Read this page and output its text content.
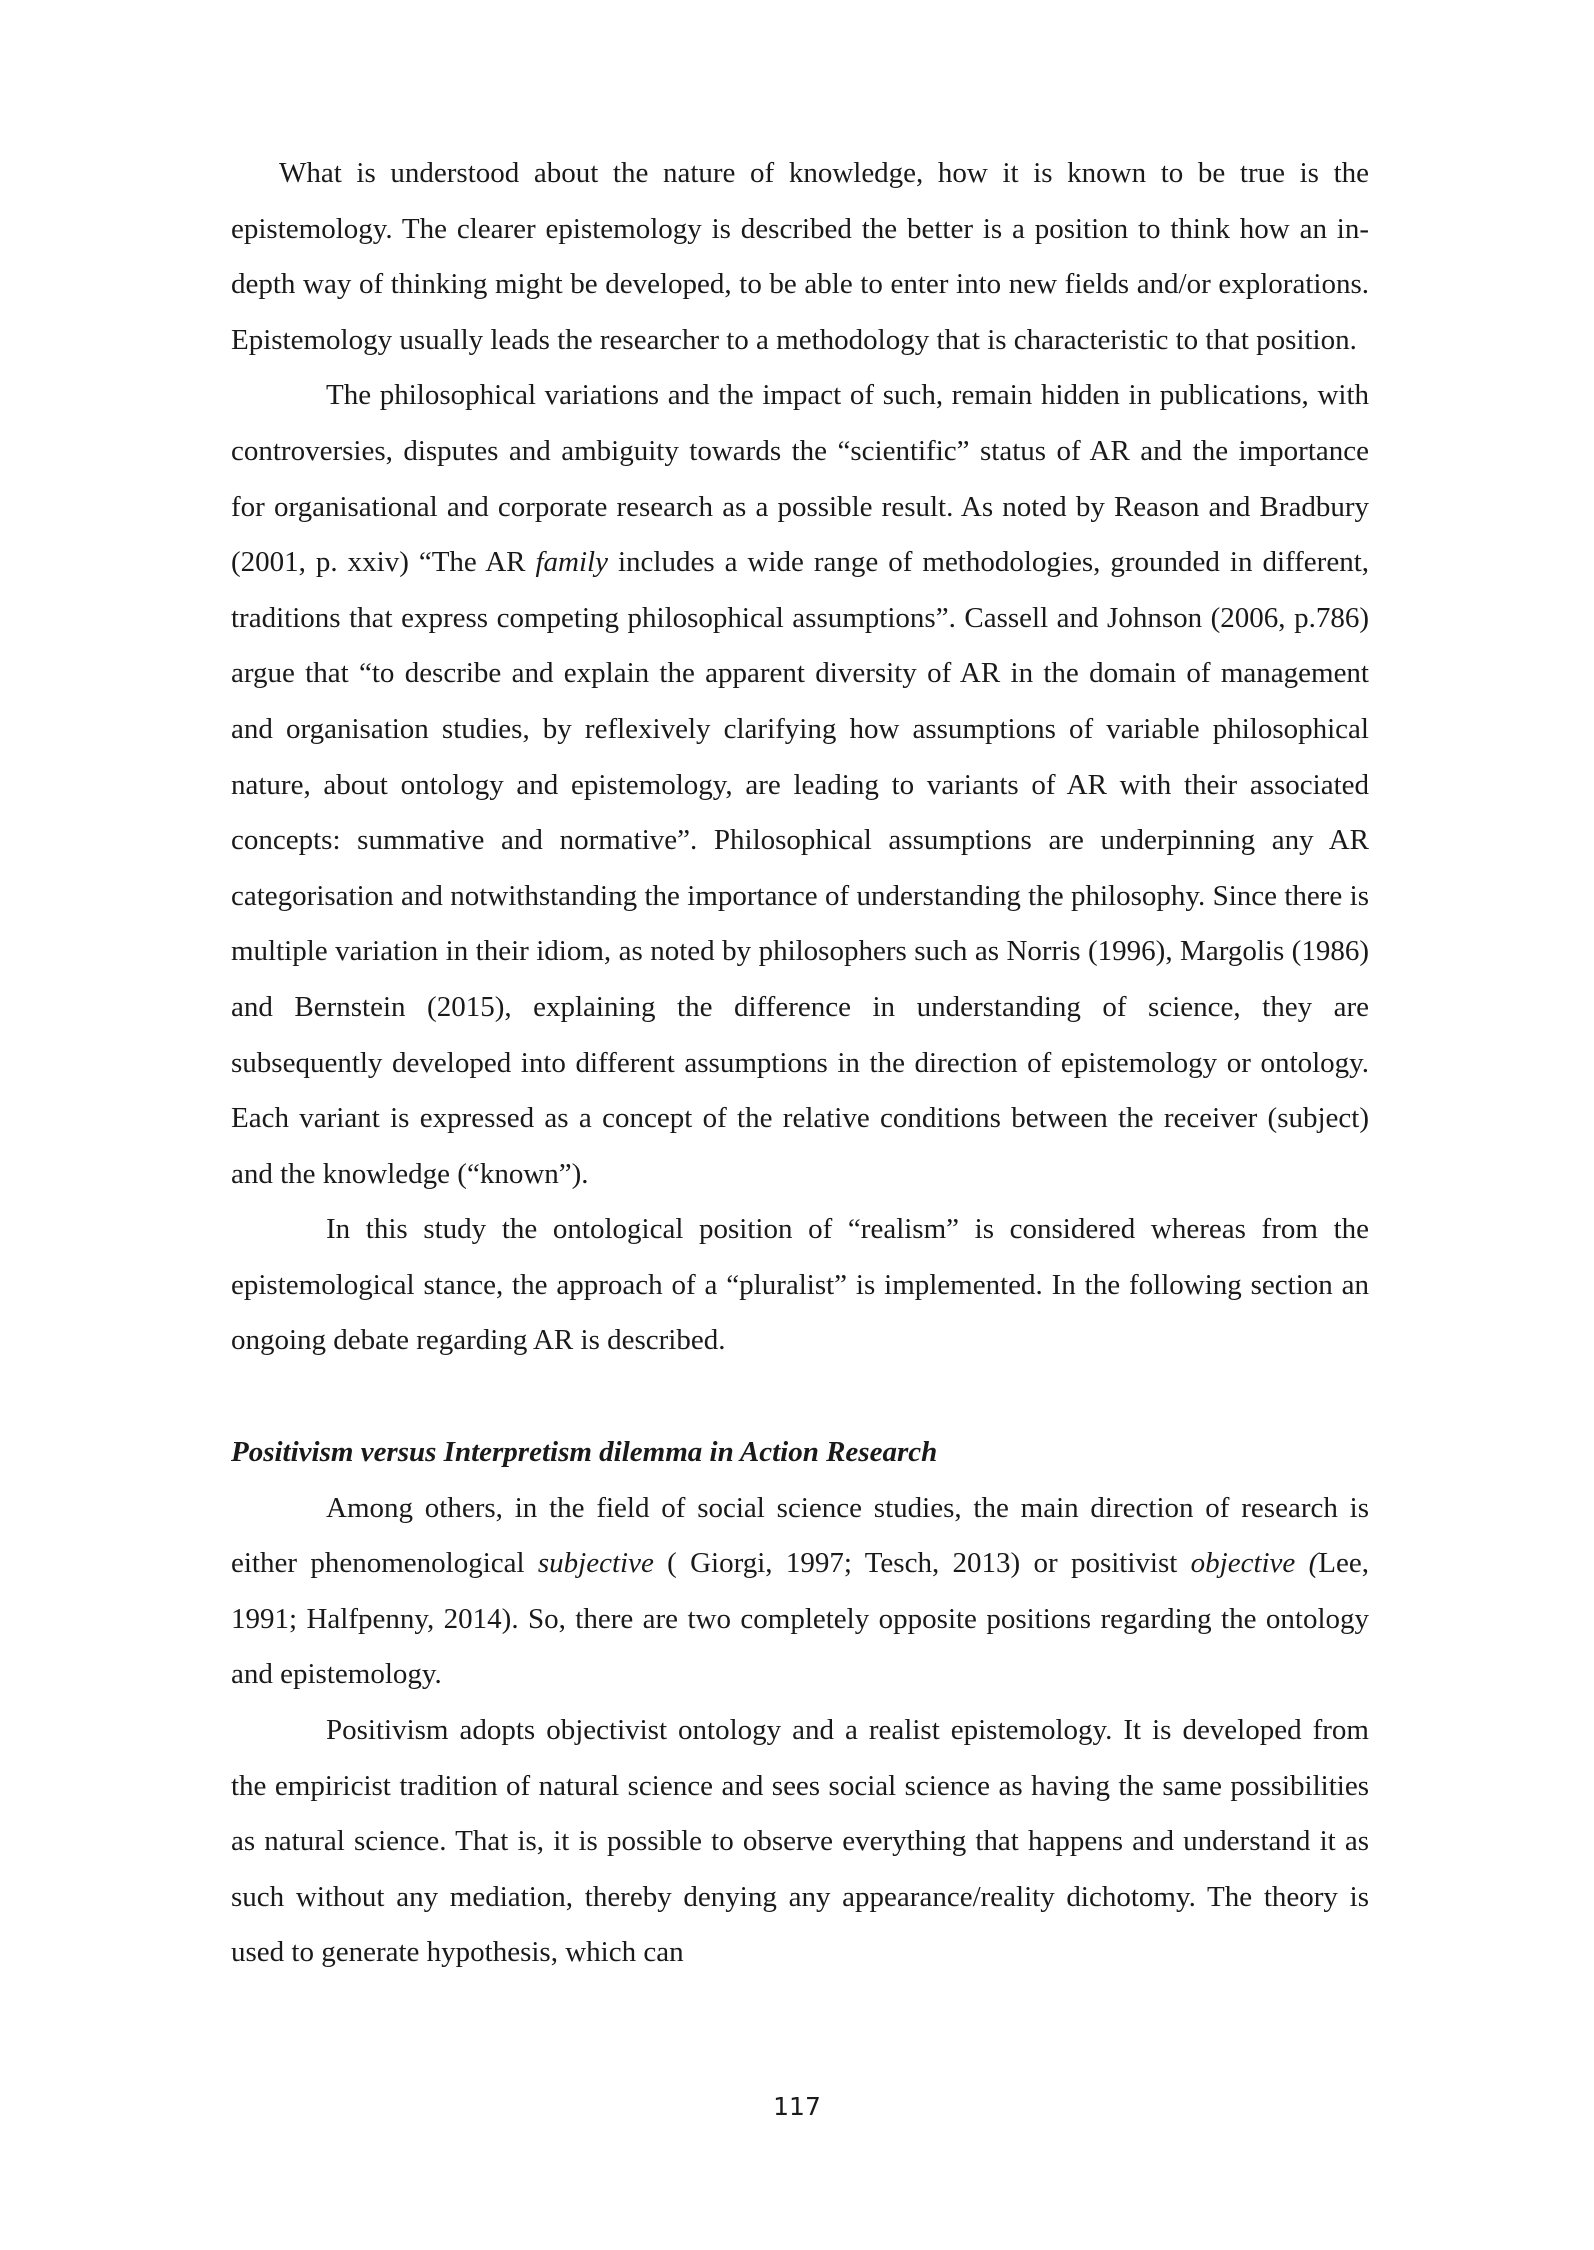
What is understood about the nature of knowledge, how it is known to be true is the epistemology. The clearer epistemology is described the better is a position to think how an in-depth way of thinking might be developed, to be able to enter into new fields and/or explorations. Epistemology usually leads the researcher to a methodology that is characteristic to that position.

The philosophical variations and the impact of such, remain hidden in publications, with controversies, disputes and ambiguity towards the “scientific” status of AR and the importance for organisational and corporate research as a possible result. As noted by Reason and Bradbury (2001, p. xxiv) “The AR family includes a wide range of methodologies, grounded in different, traditions that express competing philosophical assumptions”. Cassell and Johnson (2006, p.786) argue that “to describe and explain the apparent diversity of AR in the domain of management and organisation studies, by reflexively clarifying how assumptions of variable philosophical nature, about ontology and epistemology, are leading to variants of AR with their associated concepts: summative and normative”. Philosophical assumptions are underpinning any AR categorisation and notwithstanding the importance of understanding the philosophy. Since there is multiple variation in their idiom, as noted by philosophers such as Norris (1996), Margolis (1986) and Bernstein (2015), explaining the difference in understanding of science, they are subsequently developed into different assumptions in the direction of epistemology or ontology. Each variant is expressed as a concept of the relative conditions between the receiver (subject) and the knowledge (“known”).

In this study the ontological position of “realism” is considered whereas from the epistemological stance, the approach of a “pluralist” is implemented. In the following section an ongoing debate regarding AR is described.

Positivism versus Interpretism dilemma in Action Research

Among others, in the field of social science studies, the main direction of research is either phenomenological subjective ( Giorgi, 1997; Tesch, 2013) or positivist objective (Lee, 1991; Halfpenny, 2014). So, there are two completely opposite positions regarding the ontology and epistemology.

Positivism adopts objectivist ontology and a realist epistemology. It is developed from the empiricist tradition of natural science and sees social science as having the same possibilities as natural science. That is, it is possible to observe everything that happens and understand it as such without any mediation, thereby denying any appearance/reality dichotomy. The theory is used to generate hypothesis, which can

117
